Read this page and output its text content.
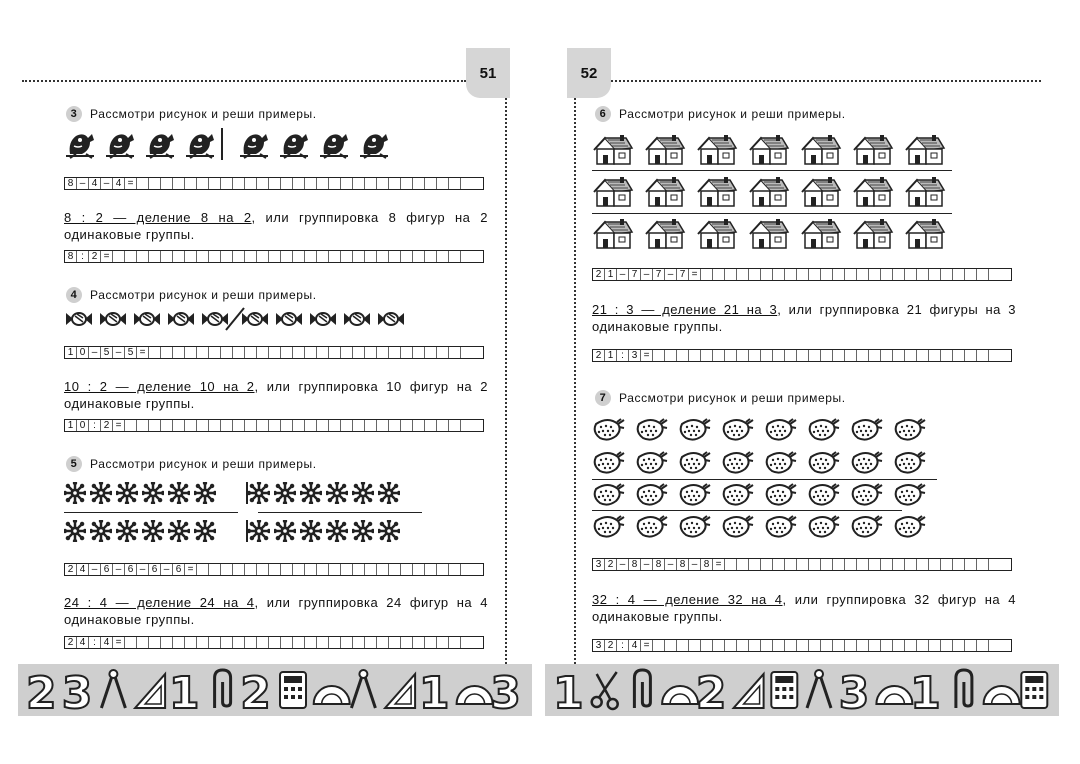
51	52
3	Рассмотри рисунок и реши примеры.
8 – 4 – 4 =
8 : 2 — деление 8 на 2, или группировка 8 фигур на 2 одинаковые группы.
8 : 2 =
4	Рассмотри рисунок и реши примеры.
1 0 – 5 – 5 =
10 : 2 — деление 10 на 2, или группировка 10 фигур на 2 одинаковые группы.
1 0 : 2 =
5	Рассмотри рисунок и реши примеры.
2 4 – 6 – 6 – 6 – 6 =
24 : 4 — деление 24 на 4, или группировка 24 фигур на 4 одинаковые группы.
2 4 : 4 =
6	Рассмотри рисунок и реши примеры.
2 1 – 7 – 7 – 7 =
21 : 3 — деление 21 на 3, или группировка 21 фигуры на 3 одинаковые группы.
2 1 : 3 =
7	Рассмотри рисунок и реши примеры.
3 2 – 8 – 8 – 8 – 8 =
32 : 4 — деление 32 на 4, или группировка 32 фигур на 4 одинаковые группы.
3 2 : 4 =
2 3 1 2	1 3 1	2	3 1
